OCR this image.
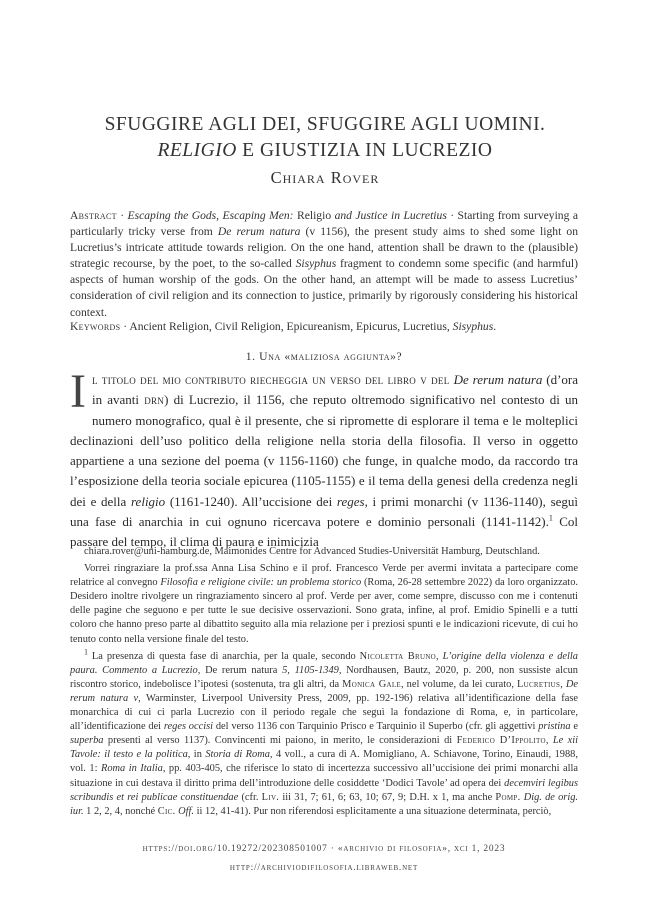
SFUGGIRE AGLI DEI, SFUGGIRE AGLI UOMINI.
RELIGIO E GIUSTIZIA IN LUCREZIO
Chiara Rover
Abstract · Escaping the Gods, Escaping Men: Religio and Justice in Lucretius · Starting from surveying a particularly tricky verse from De rerum natura (v 1156), the present study aims to shed some light on Lucretius’s intricate attitude towards religion. On the one hand, attention shall be drawn to the (plausible) strategic recourse, by the poet, to the so-called Sisyphus fragment to condemn some specific (and harmful) aspects of human worship of the gods. On the other hand, an attempt will be made to assess Lucretius’ consideration of civil religion and its connection to justice, primarily by rigorously considering his historical context.
Keywords · Ancient Religion, Civil Religion, Epicureanism, Epicurus, Lucretius, Sisyphus.
1. Una «maliziosa aggiunta»?
Il titolo del mio contributo riecheggia un verso del libro v del De rerum natura (d’ora in avanti drn) di Lucrezio, il 1156, che reputo oltremodo significativo nel contesto di un numero monografico, qual è il presente, che si ripromette di esplorare il tema e le molteplici declinazioni dell’uso politico della religione nella storia della filosofia. Il verso in oggetto appartiene a una sezione del poema (v 1156-1160) che funge, in qualche modo, da raccordo tra l’esposizione della teoria sociale epicurea (1105-1155) e il tema della genesi della credenza negli dei e della religio (1161-1240). All’uccisione dei reges, i primi monarchi (v 1136-1140), seguì una fase di anarchia in cui ognuno ricercava potere e dominio personali (1141-1142).$^1$ Col passare del tempo, il clima di paura e inimicizia

chiara.rover@uni-hamburg.de, Maimonides Centre for Advanced Studies-Universität Hamburg, Deutschland.

Vorrei ringraziare la prof.ssa Anna Lisa Schino e il prof. Francesco Verde per avermi invitata a partecipare come relatrice al convegno Filosofia e religione civile: un problema storico (Roma, 26-28 settembre 2022) da loro organizzato. Desidero inoltre rivolgere un ringraziamento sincero al prof. Verde per aver, come sempre, discusso con me i contenuti delle pagine che seguono e per tutte le sue decisive osservazioni. Sono grata, infine, al prof. Emidio Spinelli e a tutti coloro che hanno preso parte al dibattito seguito alla mia relazione per i preziosi spunti e le indicazioni ricevute, di cui ho tenuto conto nella versione finale del testo.

$^1$ La presenza di questa fase di anarchia, per la quale, secondo Nicoletta Bruno, L’origine della violenza e della paura. Commento a Lucrezio, De rerum natura 5, 1105-1349, Nordhausen, Bautz, 2020, p. 200, non sussiste alcun riscontro storico, indebolisce l’ipotesi (sostenuta, tra gli altri, da Monica Gale, nel volume, da lei curato, Lucretius, De rerum natura v, Warminster, Liverpool University Press, 2009, pp. 192-196) relativa all’identificazione della fase monarchica di cui ci parla Lucrezio con il periodo regale che seguì la fondazione di Roma, e, in particolare, all’identificazione dei reges occisi del verso 1136 con Tarquinio Prisco e Tarquinio il Superbo (cfr. gli aggettivi pristina e superba presenti al verso 1137). Convincenti mi paiono, in merito, le considerazioni di Federico D’Ippolito, Le xii Tavole: il testo e la politica, in Storia di Roma, 4 voll., a cura di A. Momigliano, A. Schiavone, Torino, Einaudi, 1988, vol. 1: Roma in Italia, pp. 403-405, che riferisce lo stato di incertezza successivo all’uccisione dei primi monarchi alla situazione in cui destava il diritto prima dell’introduzione delle cosiddette ‘Dodici Tavole’ ad opera dei decemviri legibus scribundis et rei publicae constituendae (cfr. Liv. iii 31, 7; 61, 6; 63, 10; 67, 9; D.H. x 1, ma anche Pomp. Dig. de orig. iur. 1 2, 2, 4, nonché Cic. Off. ii 12, 41-41). Pur non riferendosi esplicitamente a una situazione determinata, perciò,

https://doi.org/10.19272/202308501007 · «archivio di filosofia», xci 1, 2023
http://archiviodifilosofia.libraweb.net
